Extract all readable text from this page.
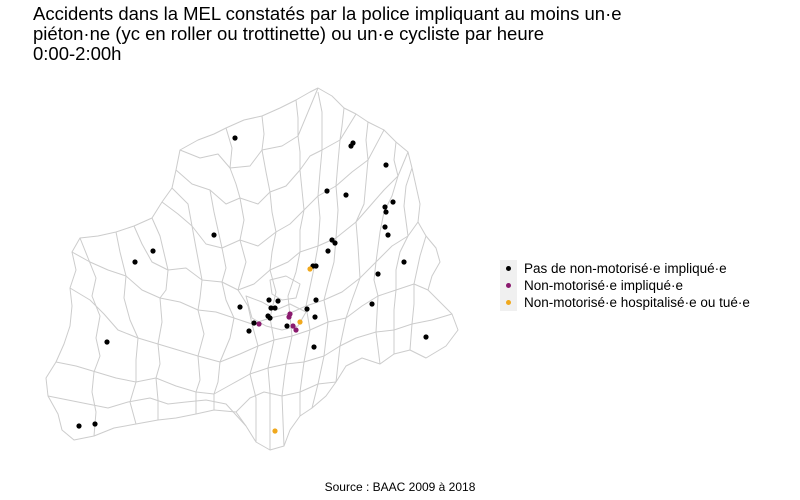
Accidents dans la MEL constatés par la police impliquant au moins un·e
piéton·ne (yc en roller ou trottinette) ou un·e cycliste par heure
0:00-2:00h
Pas de non-motorisé·e impliqué·e
Non-motorisé·e impliqué·e
Non-motorisé·e hospitalisé·e ou tué·e
Source : BAAC 2009 à 2018
